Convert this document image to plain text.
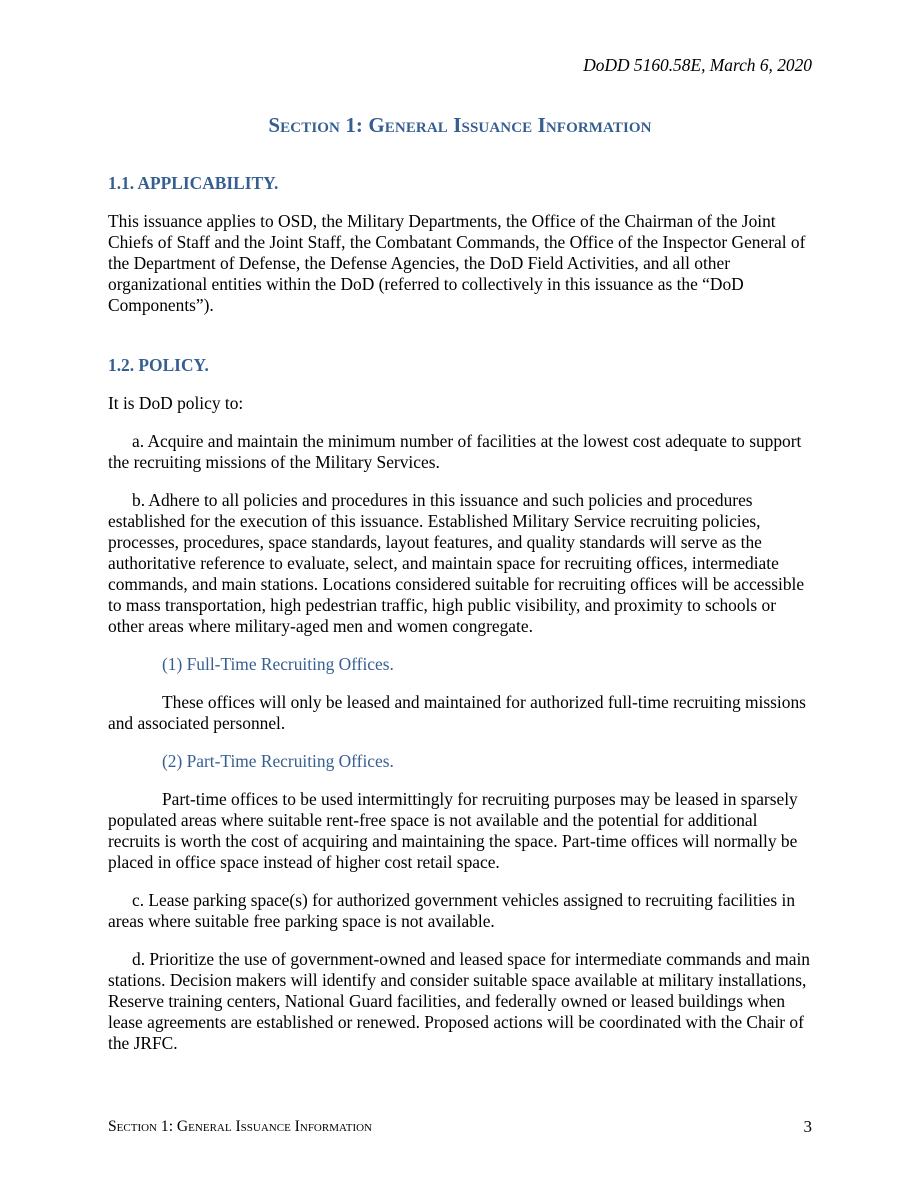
DoDD 5160.58E, March 6, 2020
Section 1: General Issuance Information

1.1. APPLICABILITY.

This issuance applies to OSD, the Military Departments, the Office of the Chairman of the Joint Chiefs of Staff and the Joint Staff, the Combatant Commands, the Office of the Inspector General of the Department of Defense, the Defense Agencies, the DoD Field Activities, and all other organizational entities within the DoD (referred to collectively in this issuance as the “DoD Components”).

1.2. POLICY.

It is DoD policy to:

a. Acquire and maintain the minimum number of facilities at the lowest cost adequate to support the recruiting missions of the Military Services.

b. Adhere to all policies and procedures in this issuance and such policies and procedures established for the execution of this issuance. Established Military Service recruiting policies, processes, procedures, space standards, layout features, and quality standards will serve as the authoritative reference to evaluate, select, and maintain space for recruiting offices, intermediate commands, and main stations. Locations considered suitable for recruiting offices will be accessible to mass transportation, high pedestrian traffic, high public visibility, and proximity to schools or other areas where military-aged men and women congregate.

(1) Full-Time Recruiting Offices.

These offices will only be leased and maintained for authorized full-time recruiting missions and associated personnel.

(2) Part-Time Recruiting Offices.

Part-time offices to be used intermittingly for recruiting purposes may be leased in sparsely populated areas where suitable rent-free space is not available and the potential for additional recruits is worth the cost of acquiring and maintaining the space. Part-time offices will normally be placed in office space instead of higher cost retail space.

c. Lease parking space(s) for authorized government vehicles assigned to recruiting facilities in areas where suitable free parking space is not available.

d. Prioritize the use of government-owned and leased space for intermediate commands and main stations. Decision makers will identify and consider suitable space available at military installations, Reserve training centers, National Guard facilities, and federally owned or leased buildings when lease agreements are established or renewed. Proposed actions will be coordinated with the Chair of the JRFC.

Section 1: General Issuance Information	3
